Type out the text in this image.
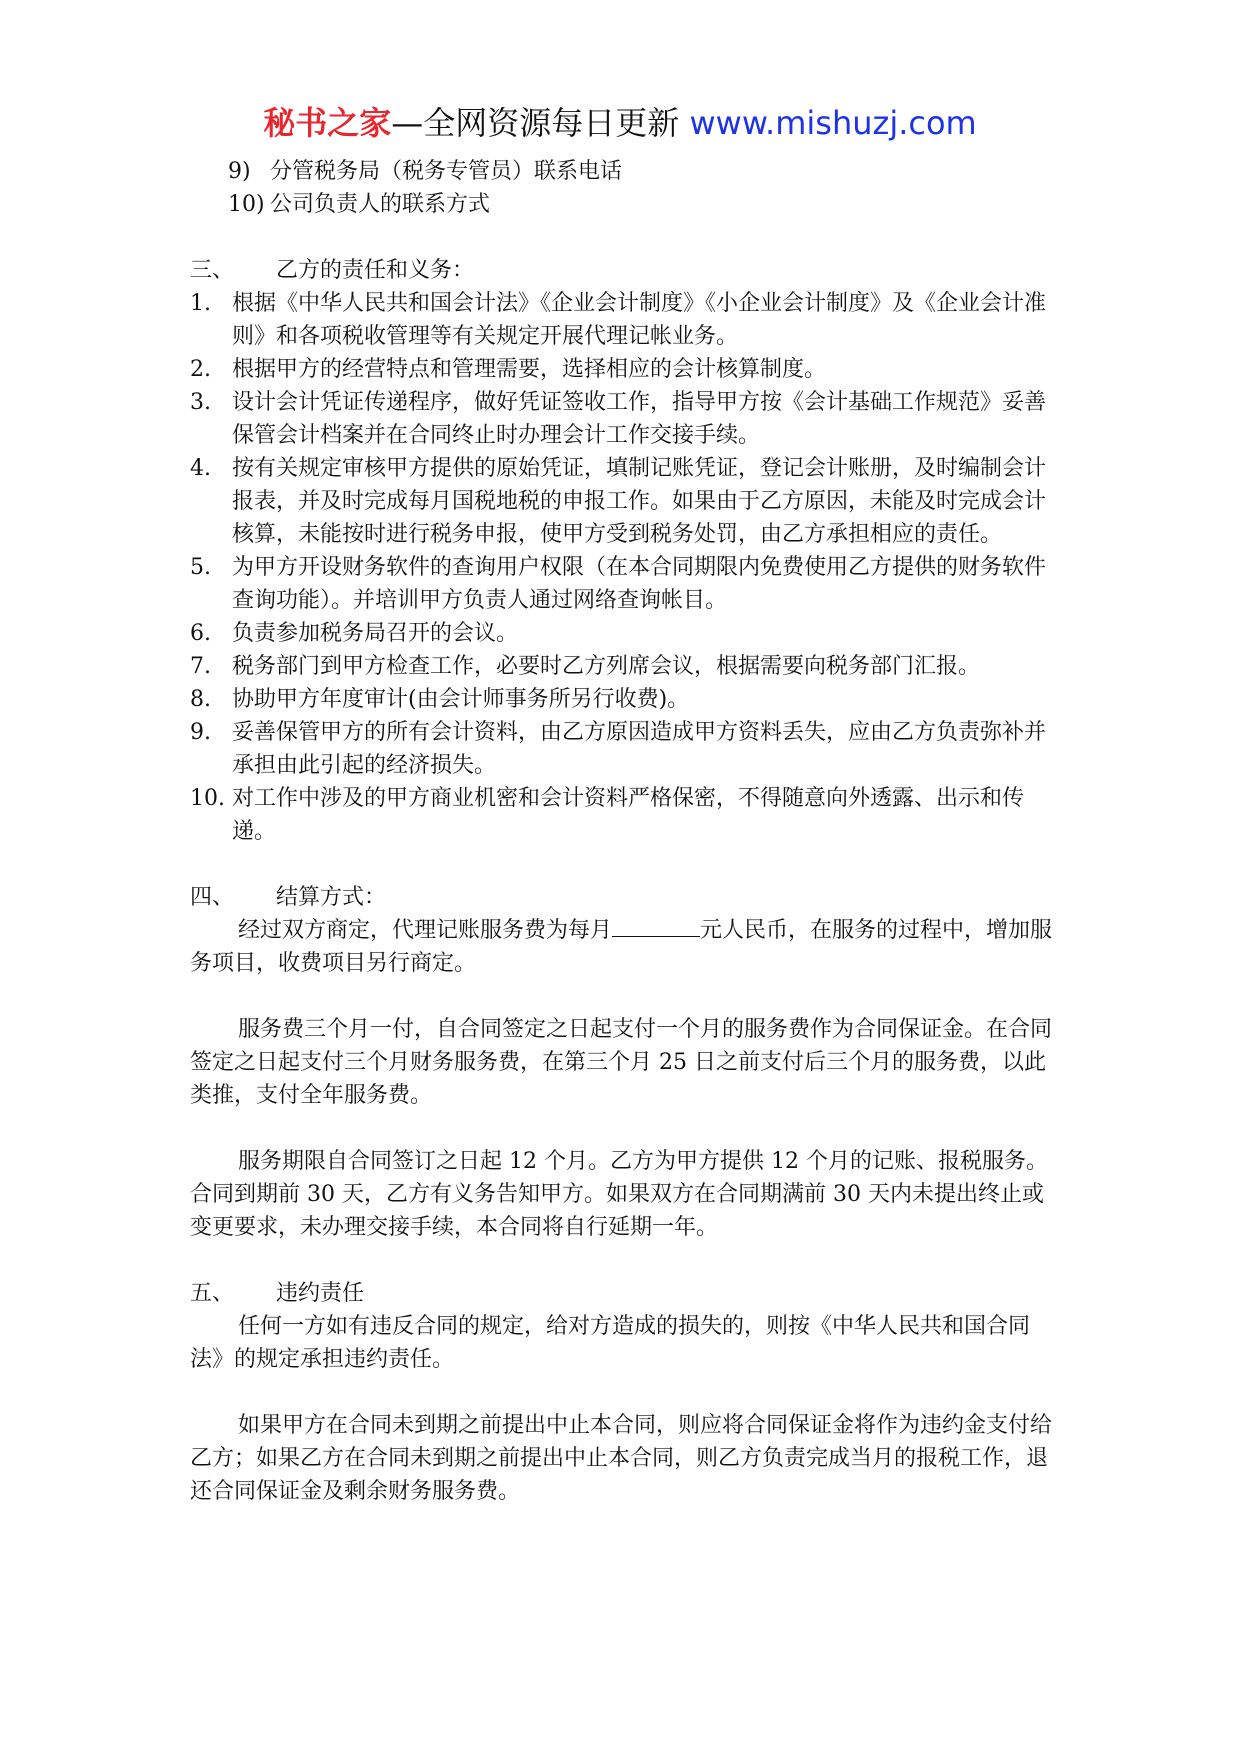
秘书之家—全网资源每日更新 www.mishuzj.com
9) 分管税务局（税务专管员）联系电话
10) 公司负责人的联系方式
三、	乙方的责任和义务：
1. 根据《中华人民共和国会计法》《企业会计制度》《小企业会计制度》及《企业会计准则》和各项税收管理等有关规定开展代理记帐业务。
2. 根据甲方的经营特点和管理需要，选择相应的会计核算制度。
3. 设计会计凭证传递程序，做好凭证签收工作，指导甲方按《会计基础工作规范》妥善保管会计档案并在合同终止时办理会计工作交接手续。
4. 按有关规定审核甲方提供的原始凭证，填制记账凭证，登记会计账册，及时编制会计报表，并及时完成每月国税地税的申报工作。如果由于乙方原因，未能及时完成会计核算，未能按时进行税务申报，使甲方受到税务处罚，由乙方承担相应的责任。
5. 为甲方开设财务软件的查询用户权限（在本合同期限内免费使用乙方提供的财务软件查询功能）。并培训甲方负责人通过网络查询帐目。
6. 负责参加税务局召开的会议。
7. 税务部门到甲方检查工作，必要时乙方列席会议，根据需要向税务部门汇报。
8. 协助甲方年度审计(由会计师事务所另行收费)。
9. 妥善保管甲方的所有会计资料，由乙方原因造成甲方资料丢失，应由乙方负责弥补并承担由此引起的经济损失。
10. 对工作中涉及的甲方商业机密和会计资料严格保密，不得随意向外透露、出示和传递。
四、	结算方式：
经过双方商定，代理记账服务费为每月	元人民币，在服务的过程中，增加服务项目，收费项目另行商定。
服务费三个月一付，自合同签定之日起支付一个月的服务费作为合同保证金。在合同签定之日起支付三个月财务服务费，在第三个月 25 日之前支付后三个月的服务费，以此类推，支付全年服务费。
服务期限自合同签订之日起 12 个月。乙方为甲方提供 12 个月的记账、报税服务。合同到期前 30 天，乙方有义务告知甲方。如果双方在合同期满前 30 天内未提出终止或变更要求，未办理交接手续，本合同将自行延期一年。
五、	违约责任
任何一方如有违反合同的规定，给对方造成的损失的，则按《中华人民共和国合同法》的规定承担违约责任。
如果甲方在合同未到期之前提出中止本合同，则应将合同保证金将作为违约金支付给乙方；如果乙方在合同未到期之前提出中止本合同，则乙方负责完成当月的报税工作，退还合同保证金及剩余财务服务费。
